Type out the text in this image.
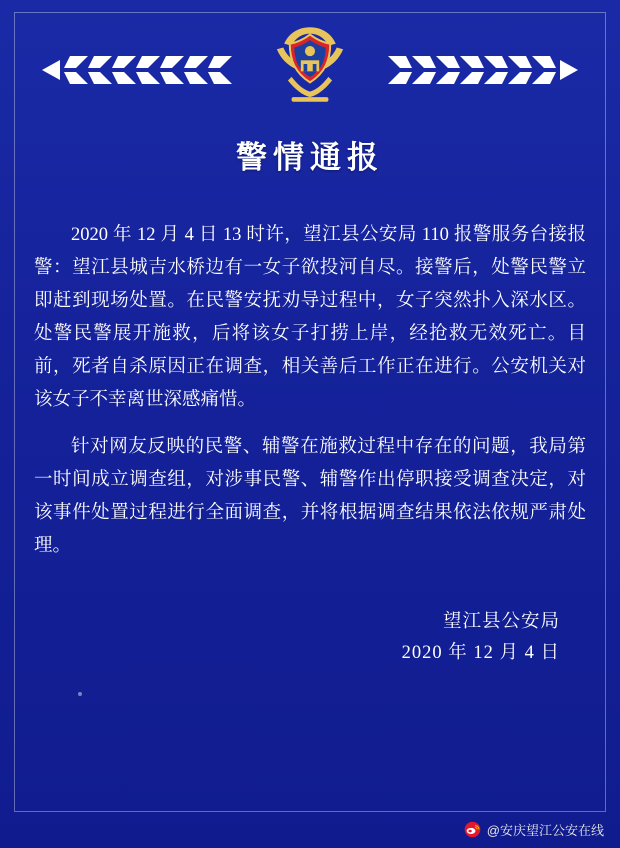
警情通报

2020 年 12 月 4 日 13 时许，望江县公安局 110 报警服务台接报警：望江县城吉水桥边有一女子欲投河自尽。接警后，处警民警立即赶到现场处置。在民警安抚劝导过程中，女子突然扑入深水区。处警民警展开施救，后将该女子打捞上岸，经抢救无效死亡。目前，死者自杀原因正在调查，相关善后工作正在进行。公安机关对该女子不幸离世深感痛惜。

针对网友反映的民警、辅警在施救过程中存在的问题，我局第一时间成立调查组，对涉事民警、辅警作出停职接受调查决定，对该事件处置过程进行全面调查，并将根据调查结果依法依规严肃处理。

望江县公安局
2020 年 12 月 4 日
@安庆望江公安在线
